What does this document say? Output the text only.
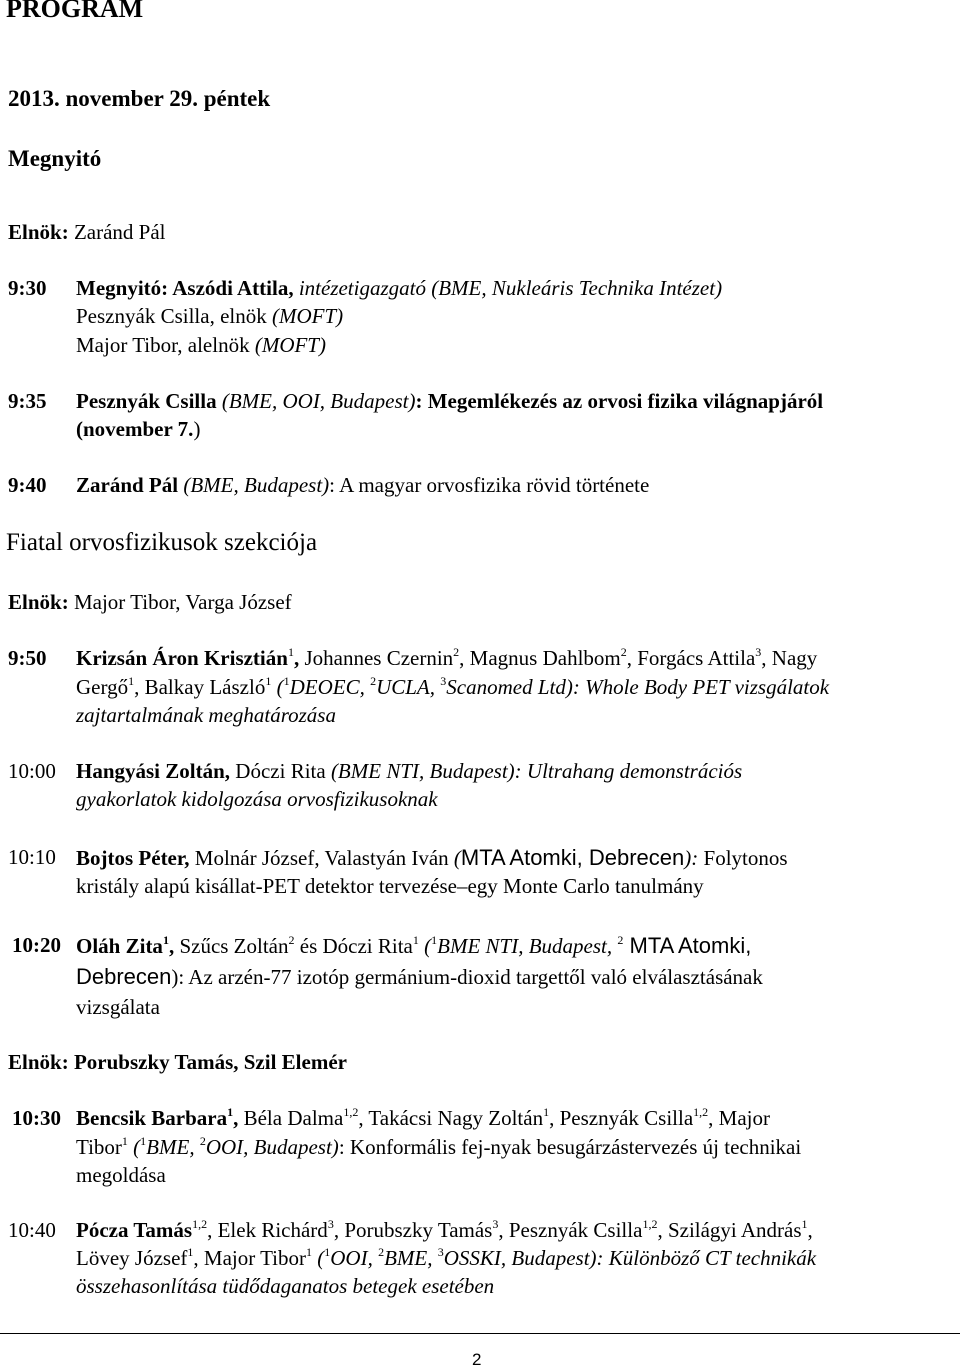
PROGRAM
2013. november 29. péntek
Megnyitó
Elnök: Zaránd Pál
9:30 Megnyitó: Aszódi Attila, intézetigazgató (BME, Nukleáris Technika Intézet)
Pesznyák Csilla, elnök (MOFT)
Major Tibor, alelnök (MOFT)
9:35 Pesznyák Csilla (BME, OOI, Budapest): Megemlékezés az orvosi fizika világnapjáról
(november 7.)
9:40 Zaránd Pál (BME, Budapest): A magyar orvosfizika rövid története
Fiatal orvosfizikusok szekciója
Elnök: Major Tibor, Varga József
9:50 Krizsán Áron Krisztián$^1$, Johannes Czernin$^2$, Magnus Dahlbom$^2$, Forgács Attila$^3$, Nagy
Gergő$^1$, Balkay László$^1$ ($^1$DEOEC, $^2$UCLA, $^3$Scanomed Ltd): Whole Body PET vizsgálatok
zajtartalmának meghatározása
10:00 Hangyási Zoltán, Dóczi Rita (BME NTI, Budapest): Ultrahang demonstrációs
gyakorlatok kidolgozása orvosfizikusoknak
10:10 Bojtos Péter, Molnár József, Valastyán Iván (MTA Atomki, Debrecen): Folytonos
kristály alapú kisállat-PET detektor tervezése–egy Monte Carlo tanulmány
10:20 Oláh Zita$^1$, Szűcs Zoltán$^2$ és Dóczi Rita$^1$ ($^1$BME NTI, Budapest, $^2$ MTA Atomki,
Debrecen): Az arzén-77 izotóp germánium-dioxid targettől való elválasztásának
vizsgálata
Elnök: Porubszky Tamás, Szil Elemér
10:30 Bencsik Barbara$^1$, Béla Dalma$^{1,2}$, Takácsi Nagy Zoltán$^1$, Pesznyák Csilla$^{1,2}$, Major
Tibor$^1$ ($^1$BME, $^2$OOI, Budapest): Konformális fej-nyak besugárzástervezés új technikai
megoldása
10:40 Pócza Tamás$^{1,2}$, Elek Richárd$^3$, Porubszky Tamás$^3$, Pesznyák Csilla$^{1,2}$, Szilágyi András$^1$,
Lövey József$^1$, Major Tibor$^1$ ($^1$OOI, $^2$BME, $^3$OSSKI, Budapest): Különböző CT technikák
összehasonlítása tüdődaganatos betegek esetében
2
